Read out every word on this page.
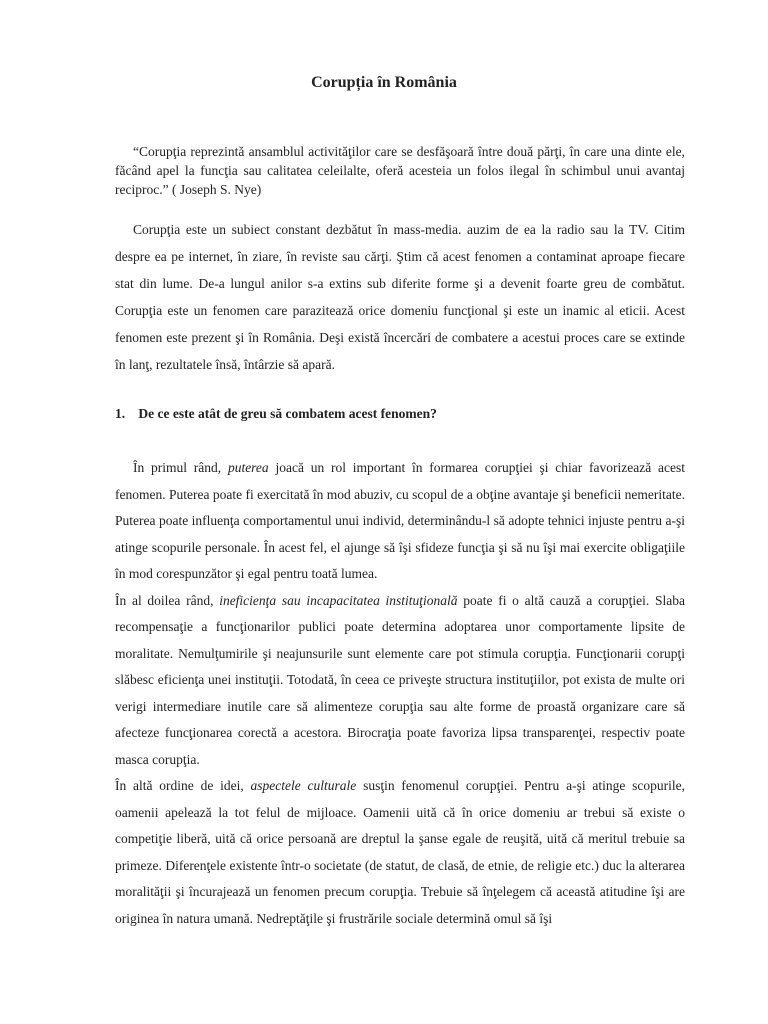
Corupția în România

“Corupţia reprezintă ansamblul activităţilor care se desfăşoară între două părţi, în care una dinte ele, făcând apel la funcţia sau calitatea celeilalte, oferă acesteia un folos ilegal în schimbul unui avantaj reciproc.” ( Joseph S. Nye)

Corupţia este un subiect constant dezbătut în mass-media. auzim de ea la radio sau la TV. Citim despre ea pe internet, în ziare, în reviste sau cărţi. Ştim că acest fenomen a contaminat aproape fiecare stat din lume. De-a lungul anilor s-a extins sub diferite forme şi a devenit foarte greu de combătut. Corupţia este un fenomen care parazitează orice domeniu funcţional şi este un inamic al eticii. Acest fenomen este prezent şi în România. Deşi există încercări de combatere a acestui proces care se extinde în lanţ, rezultatele însă, întârzie să apară.

1. De ce este atât de greu să combatem acest fenomen?

În primul rând, puterea joacă un rol important în formarea corupţiei şi chiar favorizează acest fenomen. Puterea poate fi exercitată în mod abuziv, cu scopul de a obţine avantaje şi beneficii nemeritate. Puterea poate influenţa comportamentul unui individ, determinându-l să adopte tehnici injuste pentru a-şi atinge scopurile personale. În acest fel, el ajunge să îşi sfideze funcţia şi să nu îşi mai exercite obligaţiile în mod corespunzător şi egal pentru toată lumea.

În al doilea rând, ineficienţa sau incapacitatea instituţională poate fi o altă cauză a corupţiei. Slaba recompensaţie a funcţionarilor publici poate determina adoptarea unor comportamente lipsite de moralitate. Nemulţumirile şi neajunsurile sunt elemente care pot stimula corupţia. Funcţionarii corupţi slăbesc eficienţa unei instituţii. Totodată, în ceea ce priveşte structura instituţiilor, pot exista de multe ori verigi intermediare inutile care să alimenteze corupţia sau alte forme de proastă organizare care să afecteze funcţionarea corectă a acestora. Birocraţia poate favoriza lipsa transparenţei, respectiv poate masca corupţia.

În altă ordine de idei, aspectele culturale susţin fenomenul corupţiei. Pentru a-şi atinge scopurile, oamenii apelează la tot felul de mijloace. Oamenii uită că în orice domeniu ar trebui să existe o competiţie liberă, uită că orice persoană are dreptul la şanse egale de reuşită, uită că meritul trebuie sa primeze. Diferenţele existente într-o societate (de statut, de clasă, de etnie, de religie etc.) duc la alterarea moralităţii şi încurajează un fenomen precum corupţia. Trebuie să înţelegem că această atitudine îşi are originea în natura umană. Nedreptăţile şi frustrările sociale determină omul să îşi
